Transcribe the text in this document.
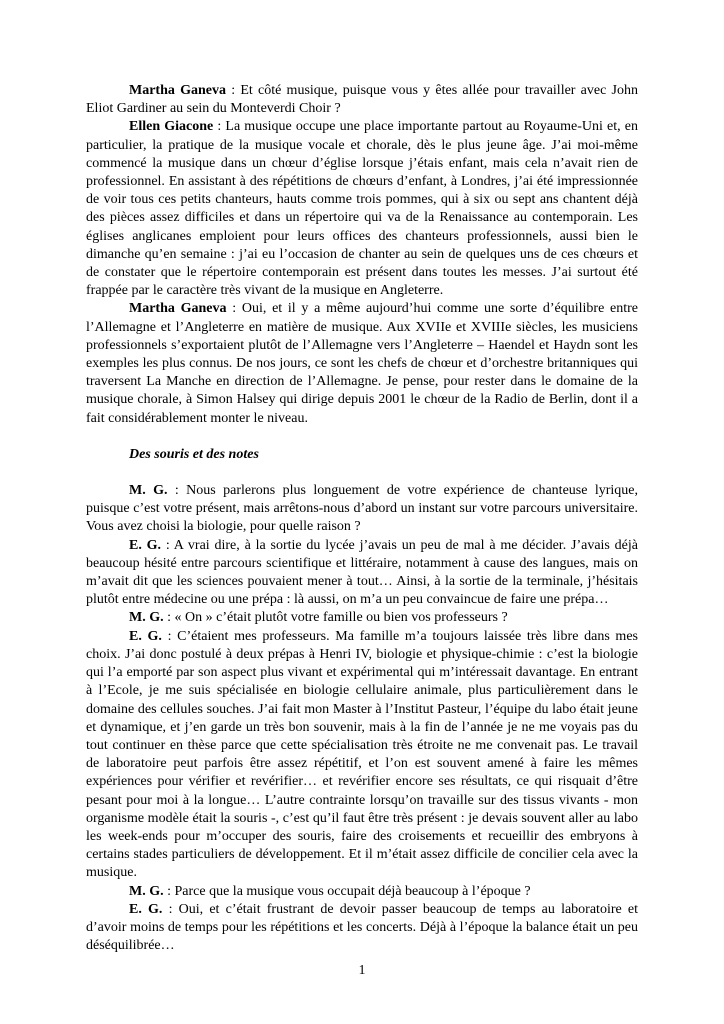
Martha Ganeva : Et côté musique, puisque vous y êtes allée pour travailler avec John Eliot Gardiner au sein du Monteverdi Choir ?

Ellen Giacone : La musique occupe une place importante partout au Royaume-Uni et, en particulier, la pratique de la musique vocale et chorale, dès le plus jeune âge. J’ai moi-même commencé la musique dans un chœur d’église lorsque j’étais enfant, mais cela n’avait rien de professionnel. En assistant à des répétitions de chœurs d’enfant, à Londres, j’ai été impressionnée de voir tous ces petits chanteurs, hauts comme trois pommes, qui à six ou sept ans chantent déjà des pièces assez difficiles et dans un répertoire qui va de la Renaissance au contemporain. Les églises anglicanes emploient pour leurs offices des chanteurs professionnels, aussi bien le dimanche qu’en semaine : j’ai eu l’occasion de chanter au sein de quelques uns de ces chœurs et de constater que le répertoire contemporain est présent dans toutes les messes. J’ai surtout été frappée par le caractère très vivant de la musique en Angleterre.

Martha Ganeva : Oui, et il y a même aujourd’hui comme une sorte d’équilibre entre l’Allemagne et l’Angleterre en matière de musique. Aux XVIIe et XVIIIe siècles, les musiciens professionnels s’exportaient plutôt de l’Allemagne vers l’Angleterre – Haendel et Haydn sont les exemples les plus connus. De nos jours, ce sont les chefs de chœur et d’orchestre britanniques qui traversent La Manche en direction de l’Allemagne. Je pense, pour rester dans le domaine de la musique chorale, à Simon Halsey qui dirige depuis 2001 le chœur de la Radio de Berlin, dont il a fait considérablement monter le niveau.

Des souris et des notes

M. G. : Nous parlerons plus longuement de votre expérience de chanteuse lyrique, puisque c’est votre présent, mais arrêtons-nous d’abord un instant sur votre parcours universitaire. Vous avez choisi la biologie, pour quelle raison ?

E. G. : A vrai dire, à la sortie du lycée j’avais un peu de mal à me décider. J’avais déjà beaucoup hésité entre parcours scientifique et littéraire, notamment à cause des langues, mais on m’avait dit que les sciences pouvaient mener à tout… Ainsi, à la sortie de la terminale, j’hésitais plutôt entre médecine ou une prépa : là aussi, on m’a un peu convaincue de faire une prépa…

M. G. : « On » c’était plutôt votre famille ou bien vos professeurs ?

E. G. : C’étaient mes professeurs. Ma famille m’a toujours laissée très libre dans mes choix. J’ai donc postulé à deux prépas à Henri IV, biologie et physique-chimie : c’est la biologie qui l’a emporté par son aspect plus vivant et expérimental qui m’intéressait davantage. En entrant à l’Ecole, je me suis spécialisée en biologie cellulaire animale, plus particulièrement dans le domaine des cellules souches. J’ai fait mon Master à l’Institut Pasteur, l’équipe du labo était jeune et dynamique, et j’en garde un très bon souvenir, mais à la fin de l’année je ne me voyais pas du tout continuer en thèse parce que cette spécialisation très étroite ne me convenait pas. Le travail de laboratoire peut parfois être assez répétitif, et l’on est souvent amené à faire les mêmes expériences pour vérifier et revérifier… et revérifier encore ses résultats, ce qui risquait d’être pesant pour moi à la longue… L’autre contrainte lorsqu’on travaille sur des tissus vivants - mon organisme modèle était la souris -, c’est qu’il faut être très présent : je devais souvent aller au labo les week-ends pour m’occuper des souris, faire des croisements et recueillir des embryons à certains stades particuliers de développement. Et il m’était assez difficile de concilier cela avec la musique.

M. G. : Parce que la musique vous occupait déjà beaucoup à l’époque ?

E. G. : Oui, et c’était frustrant de devoir passer beaucoup de temps au laboratoire et d’avoir moins de temps pour les répétitions et les concerts. Déjà à l’époque la balance était un peu déséquilibrée…

1
